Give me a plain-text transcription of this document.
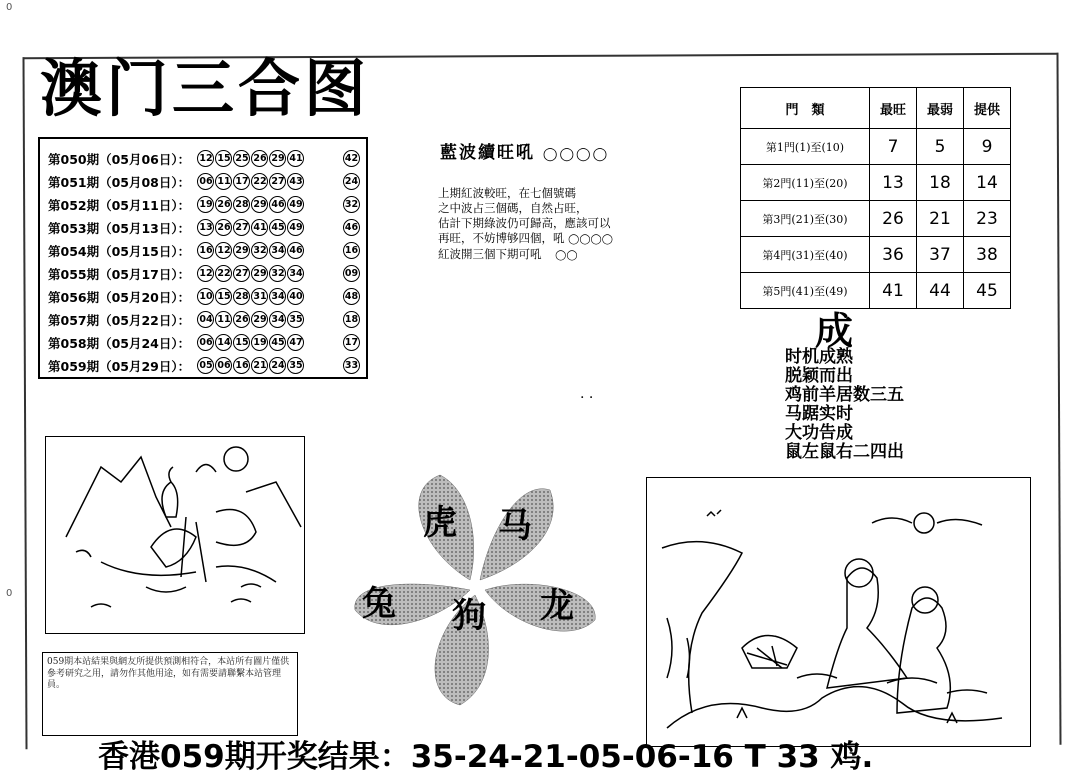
0
0
澳门三合图
第050期（05月06日）： 12 15 25 26 29 41	42
第051期（05月08日）： 06 11 17 22 27 43	24
第052期（05月11日）： 19 26 28 29 46 49	32
第053期（05月13日）： 13 26 27 41 45 49	46
第054期（05月15日）： 16 12 29 32 34 46	16
第055期（05月17日）： 12 22 27 29 32 34	09
第056期（05月20日）： 10 15 28 31 34 40	48
第057期（05月22日）： 04 11 26 29 34 35	18
第058期（05月24日）： 06 14 15 19 45 47	17
第059期（05月29日）： 05 06 16 21 24 35	33
藍波續旺吼 ◯◯◯◯
上期紅波較旺，在七個號碼
之中波占三個碼，自然占旺，
估計下期綠波仍可歸高，應該可以
再旺，不妨博够四個，吼 ◯◯◯◯
紅波開三個下期可吼 ◯◯
. .
門　類	最旺	最弱	提供
第1門(1)至(10)	7	5	9
第2門(11)至(20)	13	18	14
第3門(21)至(30)	26	21	23
第4門(31)至(40)	36	37	38
第5門(41)至(49)	41	44	45
成
时机成熟
脱颖而出
鸡前羊居数三五
马踞实时
大功告成
鼠左鼠右二四出
虎 马
兔 狗 龙
059期本站結果與網友所提供預測相符合，本站所有圖片僅供參考研究之用，請勿作其他用途，如有需要請聯繫本站管理員。
香港059期开奖结果：35-24-21-05-06-16 T 33 鸡.
